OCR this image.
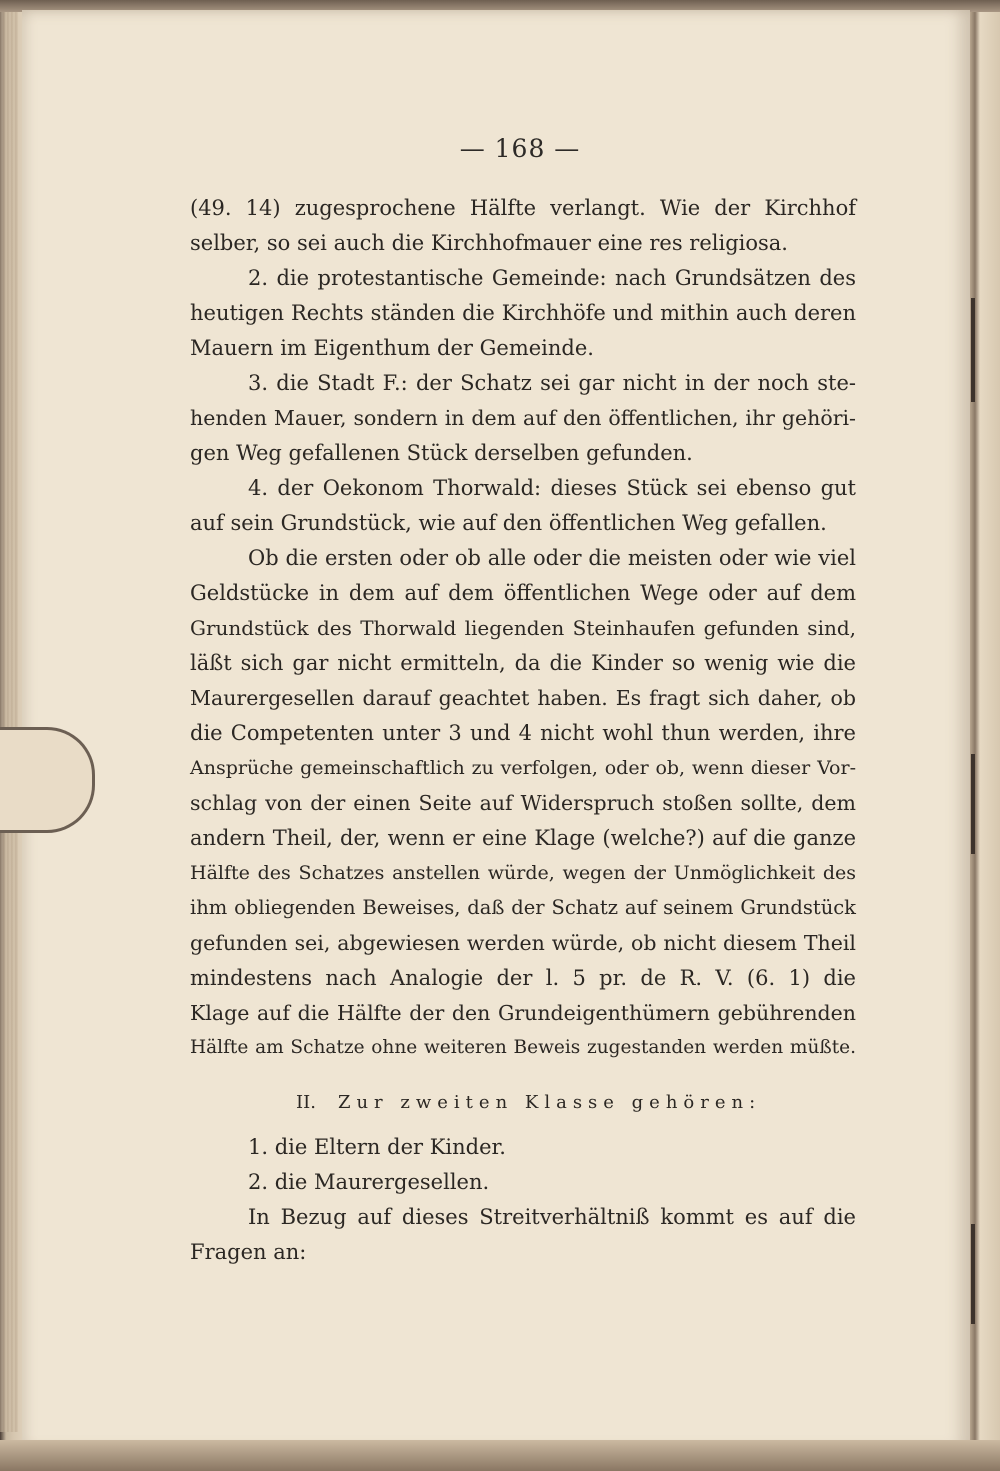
— 168 —
(49. 14) zugesprochene Hälfte verlangt. Wie der Kirchhof
selber, so sei auch die Kirchhofmauer eine res religiosa.
2. die protestantische Gemeinde: nach Grundsätzen des
heutigen Rechts ständen die Kirchhöfe und mithin auch deren
Mauern im Eigenthum der Gemeinde.
3. die Stadt F.: der Schatz sei gar nicht in der noch ste-
henden Mauer, sondern in dem auf den öffentlichen, ihr gehöri-
gen Weg gefallenen Stück derselben gefunden.
4. der Oekonom Thorwald: dieses Stück sei ebenso gut
auf sein Grundstück, wie auf den öffentlichen Weg gefallen.
Ob die ersten oder ob alle oder die meisten oder wie viel
Geldstücke in dem auf dem öffentlichen Wege oder auf dem
Grundstück des Thorwald liegenden Steinhaufen gefunden sind,
läßt sich gar nicht ermitteln, da die Kinder so wenig wie die
Maurergesellen darauf geachtet haben. Es fragt sich daher, ob
die Competenten unter 3 und 4 nicht wohl thun werden, ihre
Ansprüche gemeinschaftlich zu verfolgen, oder ob, wenn dieser Vor-
schlag von der einen Seite auf Widerspruch stoßen sollte, dem
andern Theil, der, wenn er eine Klage (welche?) auf die ganze
Hälfte des Schatzes anstellen würde, wegen der Unmöglichkeit des
ihm obliegenden Beweises, daß der Schatz auf seinem Grundstück
gefunden sei, abgewiesen werden würde, ob nicht diesem Theil
mindestens nach Analogie der l. 5 pr. de R. V. (6. 1) die
Klage auf die Hälfte der den Grundeigenthümern gebührenden
Hälfte am Schatze ohne weiteren Beweis zugestanden werden müßte.
II. Zur zweiten Klasse gehören:
1. die Eltern der Kinder.
2. die Maurergesellen.
In Bezug auf dieses Streitverhältniß kommt es auf die
Fragen an:
